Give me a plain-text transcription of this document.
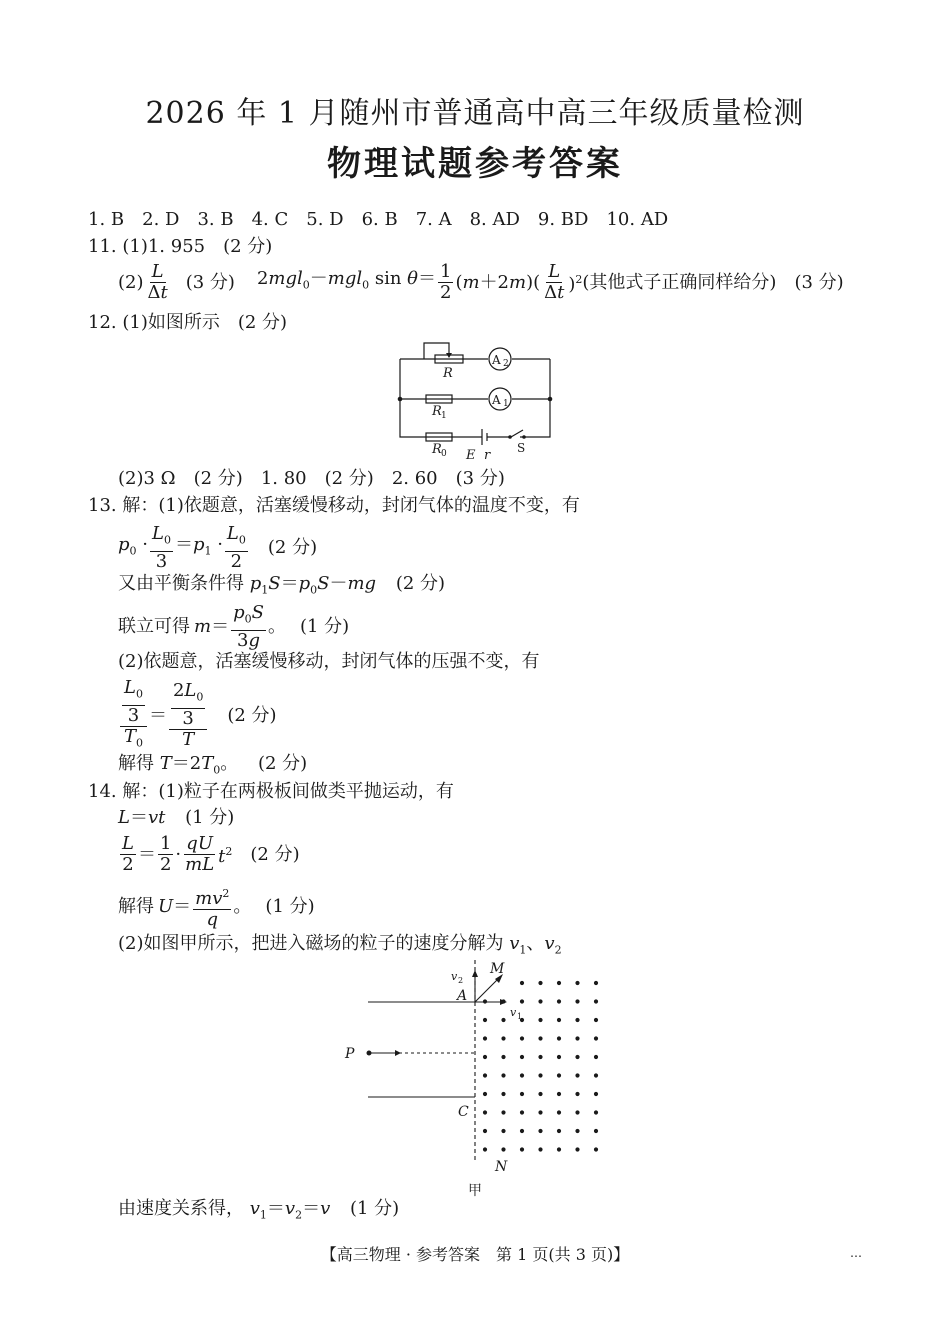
2026 年 1 月随州市普通高中高三年级质量检测
物理试题参考答案
1. B　2. D　3. B　4. C　5. D　6. B　7. A　8. AD　9. BD　10. AD
11. (1)1. 955　(2 分)
$(2) \frac{L}{\Delta t} (3$ 分) 2mgl$_0$－mgl$_0$ $\sin \theta= \frac{1}{2} (m+2m)( \frac{L}{\Delta t} )^2$ (其他式子正确同样给分)　(3 分)
12. (1)如图所示　(2 分)
R
R
R E r
1
0
2
1
A
A
S
(2)3 Ω　(2 分)　1. 80　(2 分)　2. 60　(3 分)
13. 解：(1)依题意，活塞缓慢移动，封闭气体的温度不变，有
$p_0 \cdot \frac{L_0}{3} =p_1 \cdot \frac{L_0}{2} (2$ 分)
又由平衡条件得 $p_1S=p_0S-mg$ (2 分)
联立可得 $m= \frac{p_0S}{3g}$ 。 (1 分)
(2)依题意，活塞缓慢移动，封闭气体的压强不变，有
$\frac{\frac{L_0}{3}}{T_0} = \frac{\frac{2L_0}{3}}{T} (2$ 分)
解得 $T=2T_0$。 (2 分)
14. 解：(1)粒子在两极板间做类平抛运动，有
L＝vt (1 分)
$\frac{L}{2} = \frac{1}{2} \cdot \frac{qU}{mL} t^2$ (2 分)
解得 $U= \frac{mv^2}{q}$ 。 (1 分)
(2)如图甲所示，把进入磁场的粒子的速度分解为 $v_1$、$v_2$
M
A
P
C
N
v
v
2
1
甲
由速度关系得， $v_1=v_2=v$ (1 分)
【高三物理 · 参考答案　第 1 页(共 3 页)】	…
